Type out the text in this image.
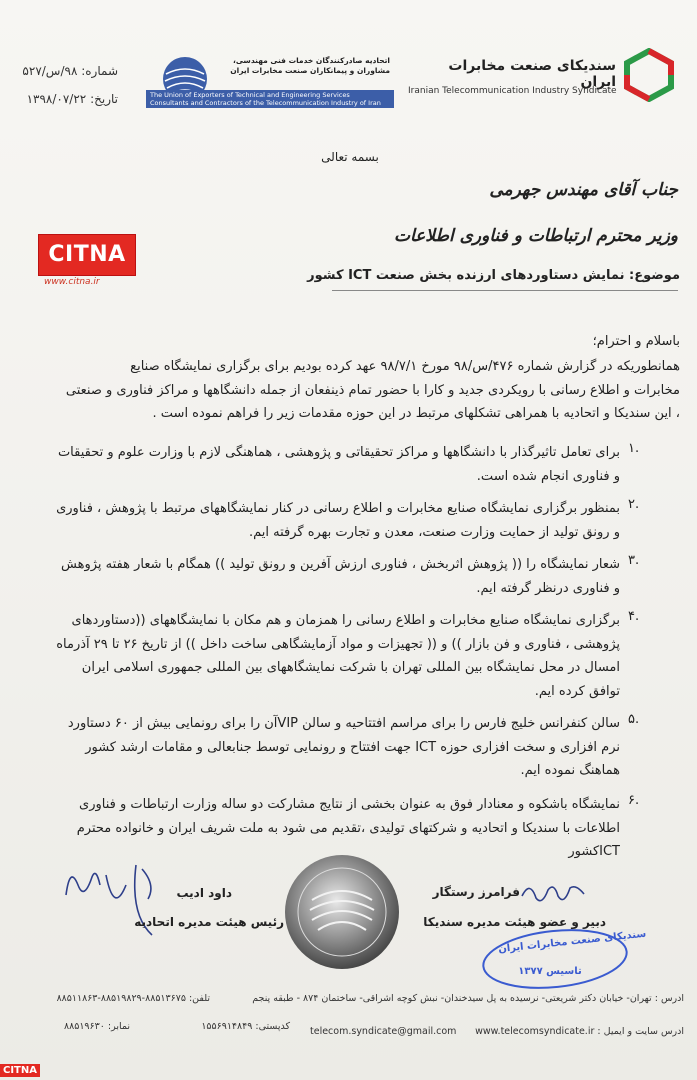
شماره: ۹۸/س/۵۲۷
تاریخ: ۱۳۹۸/۰۷/۲۲
اتحادیه صادرکنندگان خدمات فنی مهندسی،
مشاوران و پیمانکاران صنعت مخابرات ایران
The Union of Exporters of Technical and Engineering Services
Consultants and Contractors of the Telecommunication Industry of Iran
سندیکای صنعت مخابرات ایران
Iranian Telecommunication Industry Syndicate
CITNA
www.citna.ir
بسمه تعالی
جناب آقای مهندس جهرمی
وزیر محترم ارتباطات و فناوری اطلاعات
موضوع: نمایش دستاوردهای ارزنده بخش صنعت ICT کشور
باسلام و احترام؛
همانطوریکه در گزارش شماره ۴۷۶/س/۹۸ مورخ ۹۸/۷/۱ عهد کرده بودیم برای برگزاری نمایشگاه صنایع
مخابرات و اطلاع رسانی با رویکردی جدید و کارا با حضور تمام ذینفعان از جمله دانشگاهها و مراکز فناوری و صنعتی
، این سندیکا و اتحادیه با همراهی تشکلهای مرتبط در این حوزه مقدمات زیر را فراهم نموده است .
۱.
برای تعامل تاثیرگذار با دانشگاهها و مراکز تحقیقاتی و پژوهشی ، هماهنگی لازم با وزارت علوم و تحقیقات
و فناوری انجام شده است.
۲.
بمنظور برگزاری نمایشگاه صنایع مخابرات و اطلاع رسانی در کنار نمایشگاههای مرتبط با پژوهش ، فناوری
و رونق تولید از حمایت وزارت صنعت، معدن و تجارت بهره گرفته ایم.
۳.
شعار نمایشگاه را (( پژوهش اثربخش ، فناوری ارزش آفرین و رونق تولید )) همگام با شعار هفته پژوهش
و فناوری درنظر گرفته ایم.
۴.
برگزاری نمایشگاه صنایع مخابرات و اطلاع رسانی را همزمان و هم مکان با نمایشگاههای ((دستاوردهای
پژوهشی ، فناوری و فن بازار )) و (( تجهیزات و مواد آزمایشگاهی ساخت داخل )) از تاریخ ۲۶ تا ۲۹ آذرماه
امسال در محل نمایشگاه بین المللی تهران با شرکت نمایشگاههای بین المللی جمهوری اسلامی ایران
توافق کرده ایم.
۵.
سالن کنفرانس خلیج فارس را برای مراسم افتتاحیه و سالن VIPآن را برای رونمایی بیش از ۶۰ دستاورد
نرم افزاری و سخت افزاری حوزه ICT جهت افتتاح و رونمایی توسط جنابعالی و مقامات ارشد کشور
هماهنگ نموده ایم.
۶.
نمایشگاه باشکوه و معنادار فوق به عنوان بخشی از نتایج مشارکت دو ساله وزارت ارتباطات و فناوری
اطلاعات با سندیکا و اتحادیه و شرکتهای تولیدی ،تقدیم می شود به ملت شریف ایران و خانواده محترم
ICTکشور
فرامرز رستگار
دبیر و عضو هیئت مدیره سندیکا
داود ادیب
رئیس هیئت مدیره اتحادیه
سندیکای صنعت مخابرات ایران
تاسیس ۱۳۷۷
ادرس : تهران- خیابان دکتر شریعتی- نرسیده به پل سیدخندان- نبش کوچه اشراقی- ساختمان ۸۷۴ - طبقه پنجم
تلفن: ۸۸۵۱۳۶۷۵-۸۸۵۱۹۸۲۹-۸۸۵۱۱۸۶۳
ادرس سایت و ایمیل : www.telecomsyndicate.ir
telecom.syndicate@gmail.com
کدپستی: ۱۵۵۶۹۱۴۸۴۹
نمابر: ۸۸۵۱۹۶۳۰
CITNA
